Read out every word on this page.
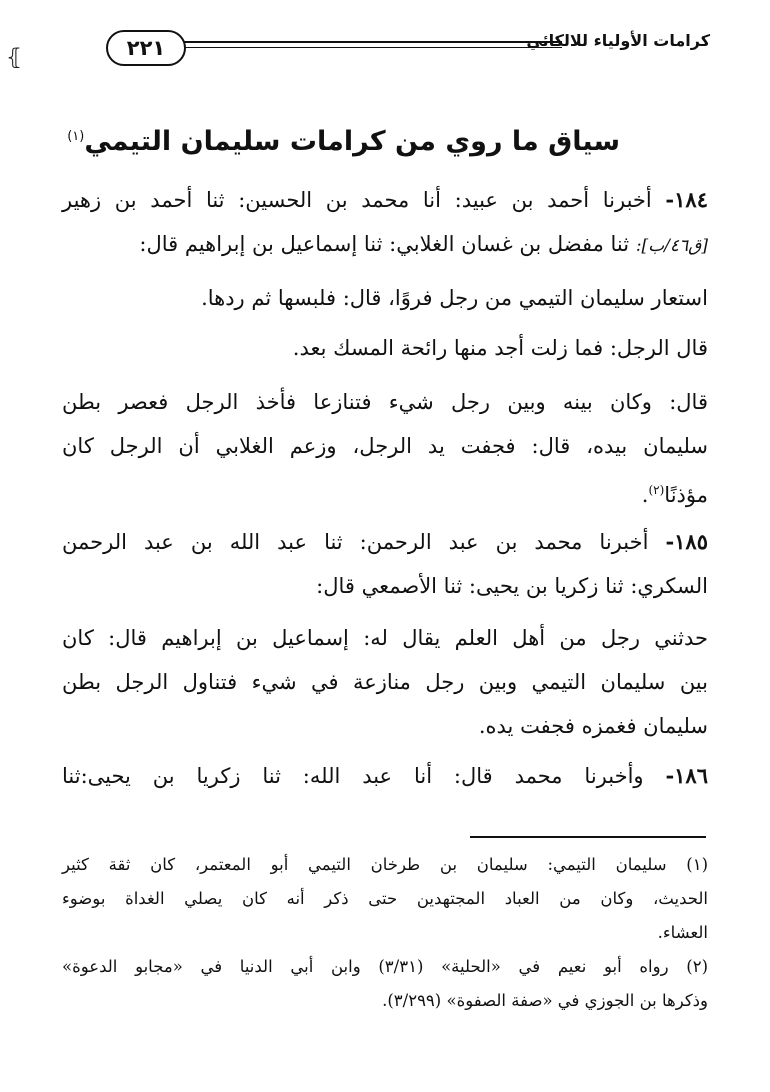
⦃	٢٢١	كرامات الأولياء للالكائي
سياق ما روي من كرامات سليمان التيمي$^{(١)}$
١٨٤- أخبرنا أحمد بن عبيد: أنا محمد بن الحسين: ثنا أحمد بن زهير
[ق٤٦/ب]: ثنا مفضل بن غسان الغلابي: ثنا إسماعيل بن إبراهيم قال:
استعار سليمان التيمي من رجل فروًا، قال: فلبسها ثم ردها.
قال الرجل: فما زلت أجد منها رائحة المسك بعد.
قال: وكان بينه وبين رجل شيء فتنازعا فأخذ الرجل فعصر بطن
سليمان بيده، قال: فجفت يد الرجل، وزعم الغلابي أن الرجل كان
مؤذنًا$^{(٢)}$.
١٨٥- أخبرنا محمد بن عبد الرحمن: ثنا عبد الله بن عبد الرحمن
السكري: ثنا زكريا بن يحيى: ثنا الأصمعي قال:
حدثني رجل من أهل العلم يقال له: إسماعيل بن إبراهيم قال: كان
بين سليمان التيمي وبين رجل منازعة في شيء فتناول الرجل بطن
سليمان فغمزه فجفت يده.
١٨٦- وأخبرنا محمد قال: أنا عبد الله: ثنا زكريا بن يحيى:ثنا
(١) سليمان التيمي: سليمان بن طرخان التيمي أبو المعتمر، كان ثقة كثير
الحديث، وكان من العباد المجتهدين حتى ذكر أنه كان يصلي الغداة بوضوء
العشاء.
(٢) رواه أبو نعيم في «الحلية» (٣/٣١) وابن أبي الدنيا في «مجابو الدعوة»
وذكرها بن الجوزي في «صفة الصفوة» (٣/٢٩٩).
